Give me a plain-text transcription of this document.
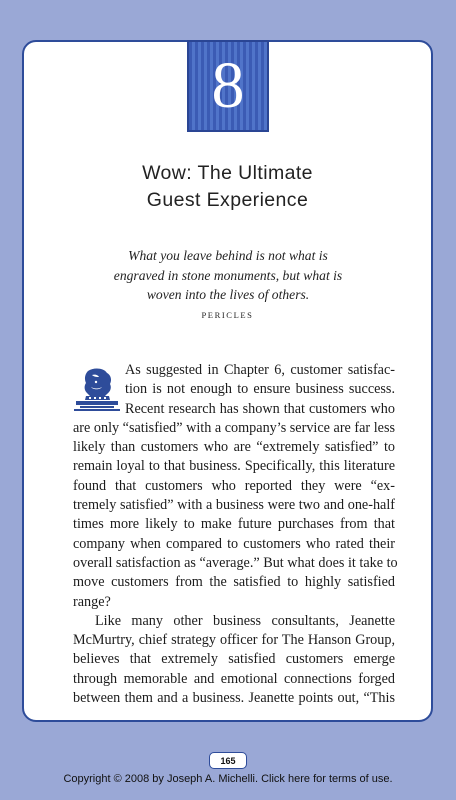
8
Wow: The Ultimate
Guest Experience
What you leave behind is not what is
engraved in stone monuments, but what is
woven into the lives of others.
PERICLES
As suggested in Chapter 6, customer satisfac-
tion is not enough to ensure business success.
Recent research has shown that customers who
are only “satisfied” with a company’s service are far less
likely than customers who are “extremely satisfied” to
remain loyal to that business. Specifically, this literature
found that customers who reported they were “ex-
tremely satisfied” with a business were two and one-half
times more likely to make future purchases from that
company when compared to customers who rated their
overall satisfaction as “average.” But what does it take to
move customers from the satisfied to highly satisfied
range?
Like many other business consultants, Jeanette
McMurtry, chief strategy officer for The Hanson Group,
believes that extremely satisfied customers emerge
through memorable and emotional connections forged
between them and a business. Jeanette points out, “This
165
Copyright © 2008 by Joseph A. Michelli. Click here for terms of use.
